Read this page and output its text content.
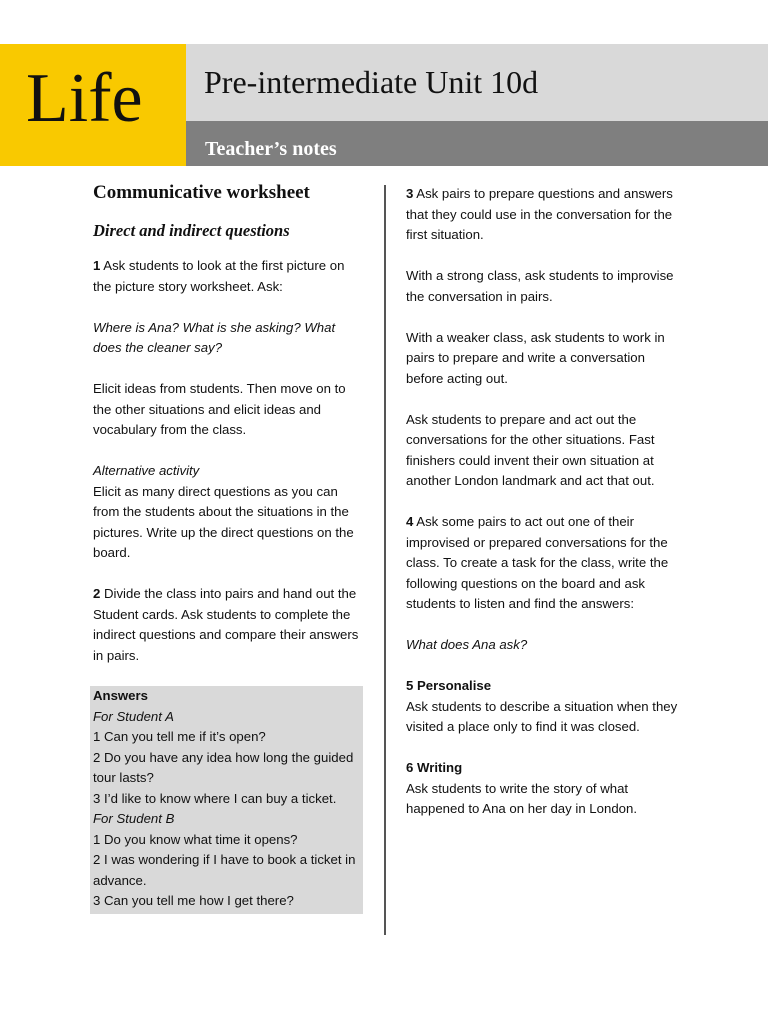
Life Pre-intermediate Unit 10d
Teacher’s notes
Communicative worksheet
Direct and indirect questions

1 Ask students to look at the first picture on the picture story worksheet. Ask:

Where is Ana? What is she asking? What does the cleaner say?

Elicit ideas from students. Then move on to the other situations and elicit ideas and vocabulary from the class.

Alternative activity

Elicit as many direct questions as you can from the students about the situations in the pictures. Write up the direct questions on the board.

2 Divide the class into pairs and hand out the Student cards. Ask students to complete the indirect questions and compare their answers in pairs.

Answers
For Student A
1 Can you tell me if it’s open?
2 Do you have any idea how long the guided tour lasts?
3 I’d like to know where I can buy a ticket.
For Student B
1 Do you know what time it opens?
2 I was wondering if I have to book a ticket in advance.
3 Can you tell me how I get there?

3 Ask pairs to prepare questions and answers that they could use in the conversation for the first situation.

With a strong class, ask students to improvise the conversation in pairs.

With a weaker class, ask students to work in pairs to prepare and write a conversation before acting out.

Ask students to prepare and act out the conversations for the other situations. Fast finishers could invent their own situation at another London landmark and act that out.

4 Ask some pairs to act out one of their improvised or prepared conversations for the class. To create a task for the class, write the following questions on the board and ask students to listen and find the answers:

What does Ana ask?

5 Personalise

Ask students to describe a situation when they visited a place only to find it was closed.

6 Writing

Ask students to write the story of what happened to Ana on her day in London.
